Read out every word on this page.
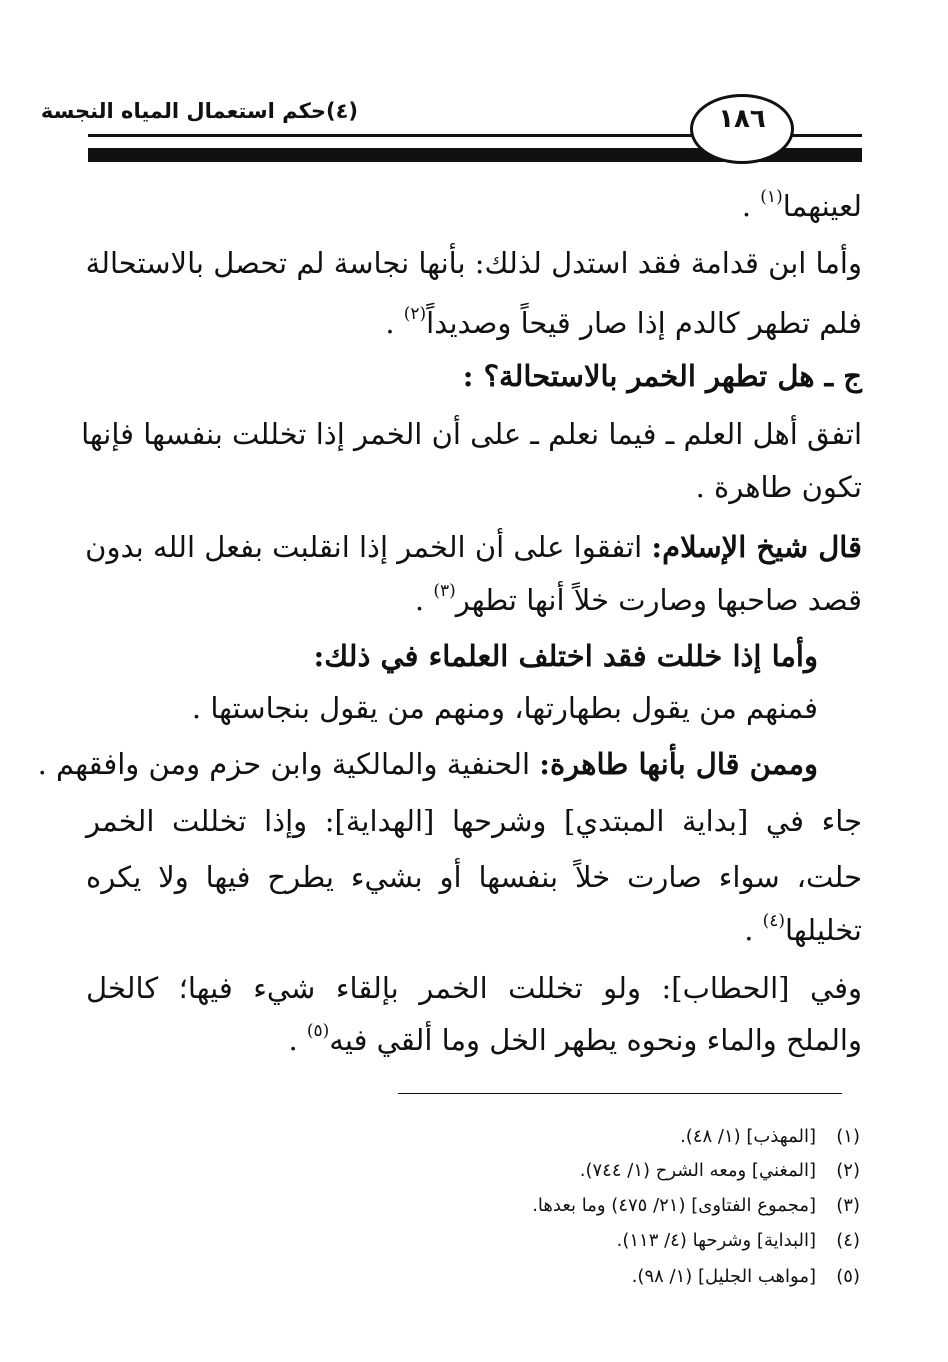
(٤)حكم استعمال المياه النجسة	١٨٦
لعينهما$^{(١)}$ .
وأما ابن قدامة فقد استدل لذلك: بأنها نجاسة لم تحصل بالاستحالة
فلم تطهر كالدم إذا صار قيحاً وصديداً$^{(٢)}$ .
ج ـ هل تطهر الخمر بالاستحالة؟ :
اتفق أهل العلم ـ فيما نعلم ـ على أن الخمر إذا تخللت بنفسها فإنها
تكون طاهرة .
قال شيخ الإسلام: اتفقوا على أن الخمر إذا انقلبت بفعل الله بدون
قصد صاحبها وصارت خلاً أنها تطهر$^{(٣)}$ .
وأما إذا خللت فقد اختلف العلماء في ذلك:
فمنهم من يقول بطهارتها، ومنهم من يقول بنجاستها .
وممن قال بأنها طاهرة: الحنفية والمالكية وابن حزم ومن وافقهم .
جاء في [بداية المبتدي] وشرحها [الهداية]: وإذا تخللت الخمر
حلت، سواء صارت خلاً بنفسها أو بشيء يطرح فيها ولا يكره
تخليلها$^{(٤)}$ .
وفي [الحطاب]: ولو تخللت الخمر بإلقاء شيء فيها؛ كالخل
والملح والماء ونحوه يطهر الخل وما ألقي فيه$^{(٥)}$ .
(١)[المهذب] (١/ ٤٨).
(٢)[المغني] ومعه الشرح (١/ ٧٤٤).
(٣)[مجموع الفتاوى] (٢١/ ٤٧٥) وما بعدها.
(٤)[البداية] وشرحها (٤/ ١١٣).
(٥)[مواهب الجليل] (١/ ٩٨).
